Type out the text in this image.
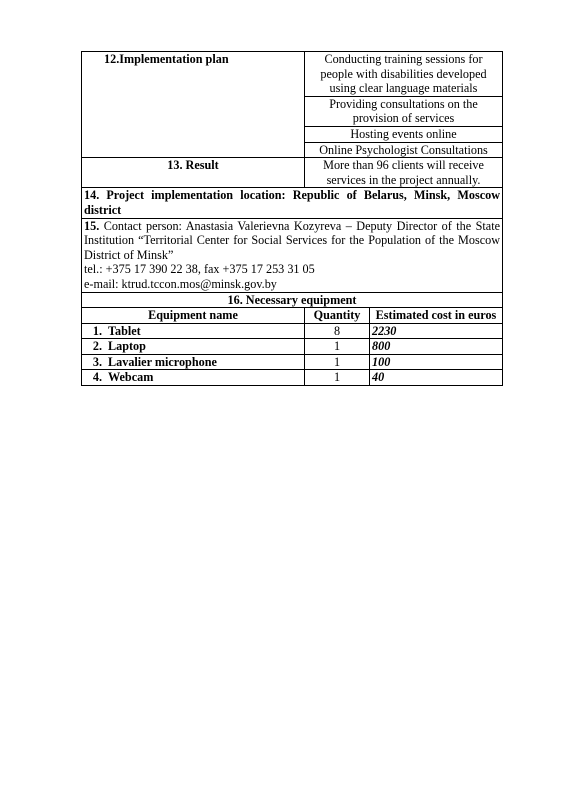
12.Implementation plan	Conducting training sessions for people with disabilities developed using clear language materials	
	Providing consultations on the provision of services	
	Hosting events online	
	Online Psychologist Consultations	
13. Result	More than 96 clients will receive services in the project annually.	
14. Project implementation location: Republic of Belarus, Minsk, Moscow district		

15. Contact person: Anastasia Valerievna Kozyreva – Deputy Director of the State Institution “Territorial Center for Social Services for the Population of the Moscow District of Minsk”
tel.: +375 17 390 22 38, fax +375 17 253 31 05
e-mail: ktrud.tccon.mos@minsk.gov.by		

16. Necessary equipment		
Equipment name	Quantity	Estimated cost in euros
1. Tablet	8	2230
2. Laptop	1	800
3. Lavalier microphone	1	100
4. Webcam	1	40
